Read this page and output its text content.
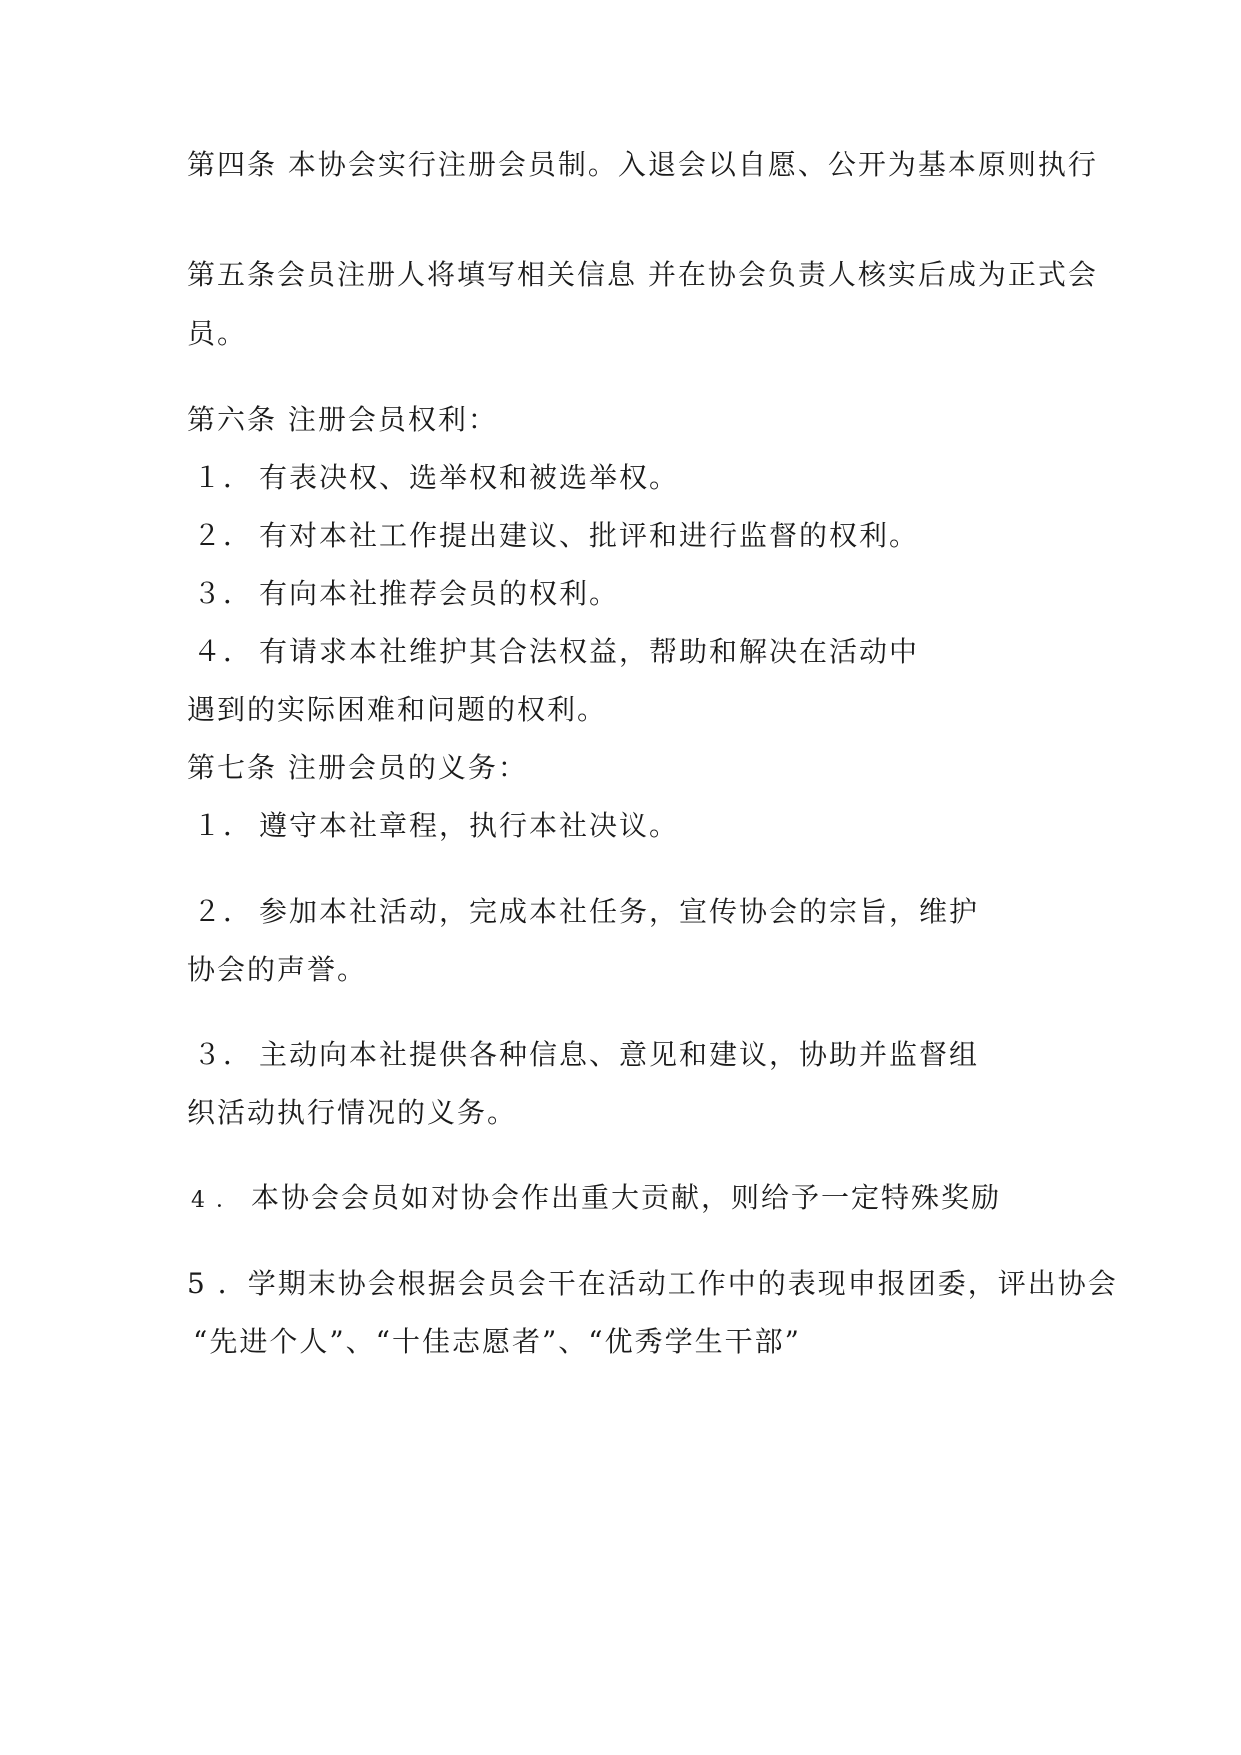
第四条 本协会实行注册会员制。入退会以自愿、公开为基本原则执行
第五条会员注册人将填写相关信息 并在协会负责人核实后成为正式会
员。
第六条 注册会员权利：
１． 有表决权、选举权和被选举权。
２． 有对本社工作提出建议、批评和进行监督的权利。
３． 有向本社推荐会员的权利。
４． 有请求本社维护其合法权益，帮助和解决在活动中
遇到的实际困难和问题的权利。
第七条 注册会员的义务：
１． 遵守本社章程，执行本社决议。
２． 参加本社活动，完成本社任务，宣传协会的宗旨，维护
协会的声誉。
３． 主动向本社提供各种信息、意见和建议，协助并监督组
织活动执行情况的义务。
4 ． 本协会会员如对协会作出重大贡献，则给予一定特殊奖励
5 ．学期末协会根据会员会干在活动工作中的表现申报团委，评出协会
“先进个人”、“十佳志愿者”、“优秀学生干部”
